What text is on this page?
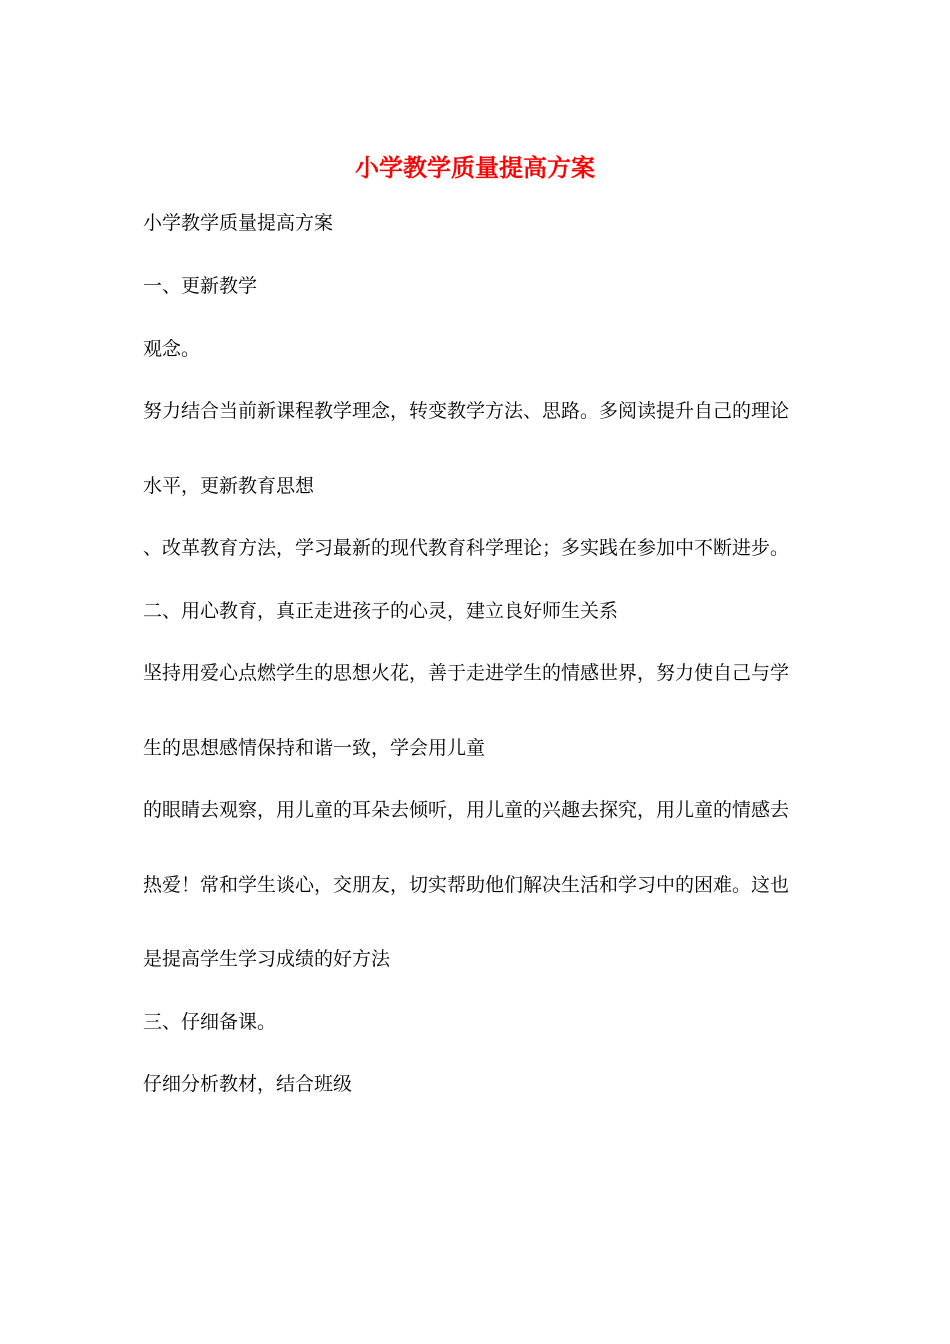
小学教学质量提高方案

小学教学质量提高方案

一、更新教学

观念。

努力结合当前新课程教学理念，转变教学方法、思路。多阅读提升自己的理论

水平，更新教育思想

、改革教育方法，学习最新的现代教育科学理论；多实践在参加中不断进步。

二、用心教育，真正走进孩子的心灵，建立良好师生关系

坚持用爱心点燃学生的思想火花，善于走进学生的情感世界，努力使自己与学

生的思想感情保持和谐一致，学会用儿童

的眼睛去观察，用儿童的耳朵去倾听，用儿童的兴趣去探究，用儿童的情感去

热爱！常和学生谈心，交朋友，切实帮助他们解决生活和学习中的困难。这也

是提高学生学习成绩的好方法

三、仔细备课。

仔细分析教材，结合班级
